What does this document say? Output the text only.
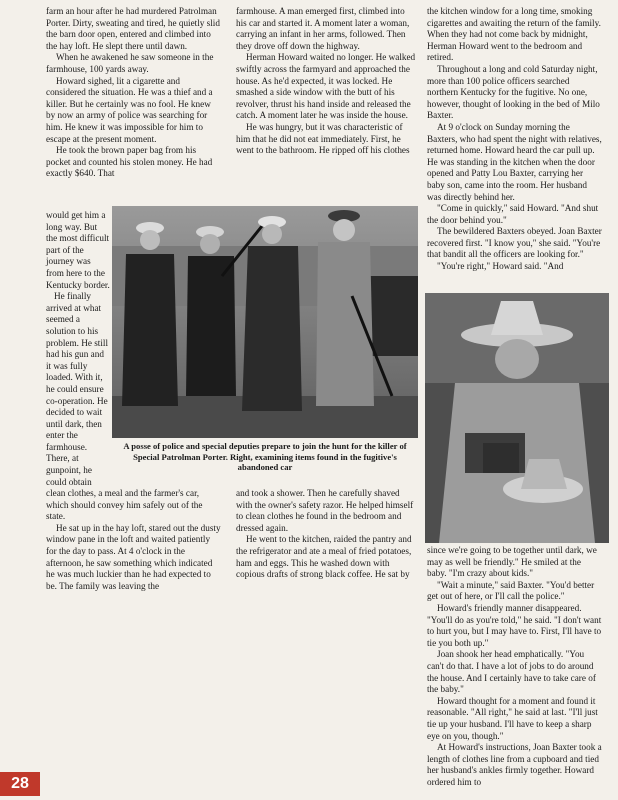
farm an hour after he had murdered Patrolman Porter. Dirty, sweating and tired, he quietly slid the barn door open, entered and climbed into the hay loft. He slept there until dawn.

When he awakened he saw someone in the farmhouse, 100 yards away.

Howard sighed, lit a cigarette and considered the situation. He was a thief and a killer. But he certainly was no fool. He knew by now an army of police was searching for him. He knew it was impossible for him to escape at the present moment.

He took the brown paper bag from his pocket and counted his stolen money. He had exactly $640. That

would get him a long way. But the most difficult part of the journey was from here to the Kentucky border.

He finally arrived at what seemed a solution to his problem. He still had his gun and it was fully loaded. With it, he could ensure co-operation. He decided to wait until dark, then enter the farmhouse. There, at gunpoint, he could obtain

clean clothes, a meal and the farmer's car, which should convey him safely out of the state.

He sat up in the hay loft, stared out the dusty window pane in the loft and waited patiently for the day to pass. At 4 o'clock in the afternoon, he saw something which indicated he was much luckier than he had expected to be. The family was leaving the

farmhouse. A man emerged first, climbed into his car and started it. A moment later a woman, carrying an infant in her arms, followed. Then they drove off down the highway.

Herman Howard waited no longer. He walked swiftly across the farmyard and approached the house. As he'd expected, it was locked. He smashed a side window with the butt of his revolver, thrust his hand inside and released the catch. A moment later he was inside the house.

He was hungry, but it was characteristic of him that he did not eat immediately. First, he went to the bathroom. He ripped off his clothes

and took a shower. Then he carefully shaved with the owner's safety razor. He helped himself to clean clothes he found in the bedroom and dressed again.

He went to the kitchen, raided the pantry and the refrigerator and ate a meal of fried potatoes, ham and eggs. This he washed down with copious drafts of strong black coffee. He sat by

the kitchen window for a long time, smoking cigarettes and awaiting the return of the family. When they had not come back by midnight, Herman Howard went to the bedroom and retired.

Throughout a long and cold Saturday night, more than 100 police officers searched northern Kentucky for the fugitive. No one, however, thought of looking in the bed of Milo Baxter.

At 9 o'clock on Sunday morning the Baxters, who had spent the night with relatives, returned home. Howard heard the car pull up. He was standing in the kitchen when the door opened and Patty Lou Baxter, carrying her baby son, came into the room. Her husband was directly behind her.

"Come in quickly," said Howard. "And shut the door behind you."

The bewildered Baxters obeyed. Joan Baxter recovered first. "I know you," she said. "You're that bandit all the officers are looking for."

"You're right," Howard said. "And

since we're going to be together until dark, we may as well be friendly." He smiled at the baby. "I'm crazy about kids."

"Wait a minute," said Baxter. "You'd better get out of here, or I'll call the police."

Howard's friendly manner disappeared. "You'll do as you're told," he said. "I don't want to hurt you, but I may have to. First, I'll have to tie you both up."

Joan shook her head emphatically. "You can't do that. I have a lot of jobs to do around the house. And I certainly have to take care of the baby."

Howard thought for a moment and found it reasonable. "All right," he said at last. "I'll just tie up your husband. I'll have to keep a sharp eye on you, though."

At Howard's instructions, Joan Baxter took a length of clothes line from a cupboard and tied her husband's ankles firmly together. Howard ordered him to

A posse of police and special deputies prepare to join the hunt for the killer of Special Patrolman Porter. Right, examining items found in the fugitive's abandoned car
28
